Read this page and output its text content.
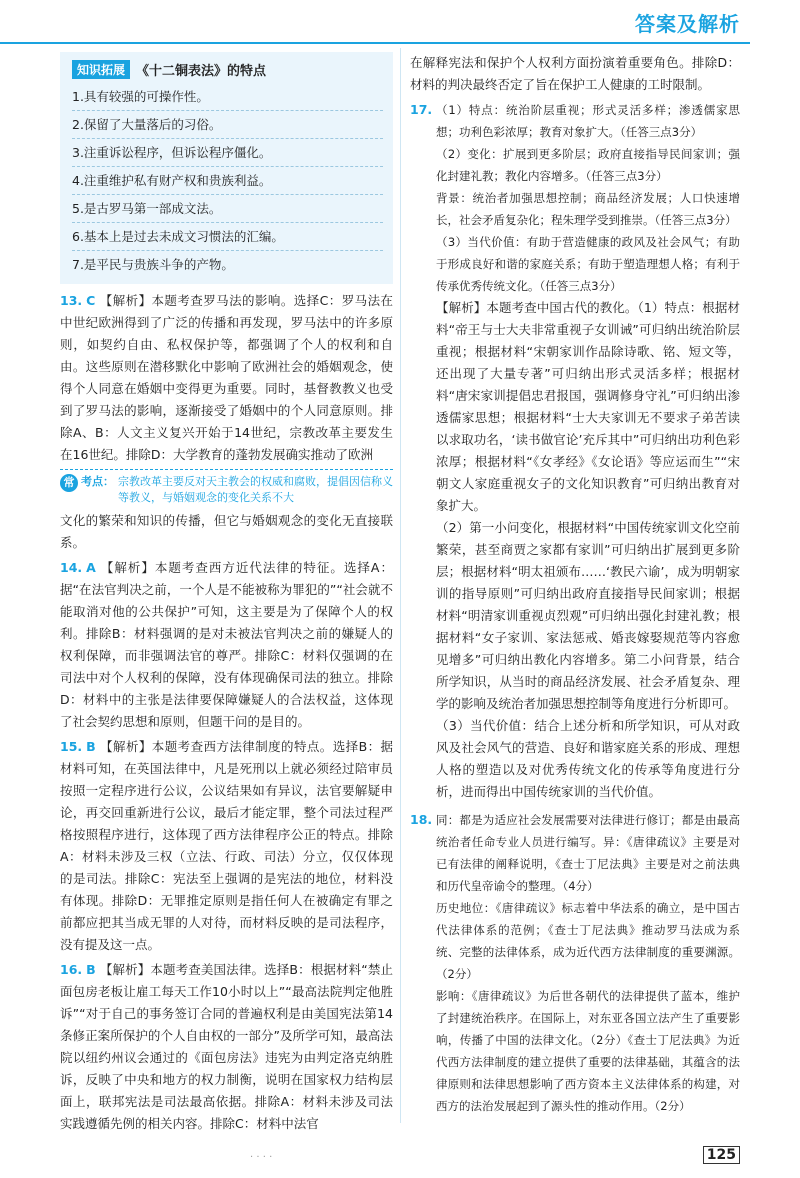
答案及解析
知识拓展 《十二铜表法》的特点
1.具有较强的可操作性。
2.保留了大量落后的习俗。
3.注重诉讼程序，但诉讼程序僵化。
4.注重维护私有财产权和贵族利益。
5.是古罗马第一部成文法。
6.基本上是过去未成文习惯法的汇编。
7.是平民与贵族斗争的产物。
13. C 【解析】本题考查罗马法的影响。选择C：罗马法在中世纪欧洲得到了广泛的传播和再发现，罗马法中的许多原则，如契约自由、私权保护等，都强调了个人的权利和自由。这些原则在潜移默化中影响了欧洲社会的婚姻观念，使得个人同意在婚姻中变得更为重要。同时，基督教教义也受到了罗马法的影响，逐渐接受了婚姻中的个人同意原则。排除A、B：人文主义复兴开始于14世纪，宗教改革主要发生在16世纪。排除D：大学教育的蓬勃发展确实推动了欧洲
常 考点： 宗教改革主要反对天主教会的权威和腐败，提倡因信称义等教义，与婚姻观念的变化关系不大
文化的繁荣和知识的传播，但它与婚姻观念的变化无直接联系。
14. A 【解析】本题考查西方近代法律的特征。选择A：据“在法官判决之前，一个人是不能被称为罪犯的”“社会就不能取消对他的公共保护”可知，这主要是为了保障个人的权利。排除B：材料强调的是对未被法官判决之前的嫌疑人的权利保障，而非强调法官的尊严。排除C：材料仅强调的在司法中对个人权利的保障，没有体现确保司法的独立。排除D：材料中的主张是法律要保障嫌疑人的合法权益，这体现了社会契约思想和原则，但题干问的是目的。
15. B 【解析】本题考查西方法律制度的特点。选择B：据材料可知，在英国法律中，凡是死刑以上就必须经过陪审员按照一定程序进行公议，公议结果如有异议，法官要解疑申论，再交回重新进行公议，最后才能定罪，整个司法过程严格按照程序进行，这体现了西方法律程序公正的特点。排除A：材料未涉及三权（立法、行政、司法）分立，仅仅体现的是司法。排除C：宪法至上强调的是宪法的地位，材料没有体现。排除D：无罪推定原则是指任何人在被确定有罪之前都应把其当成无罪的人对待，而材料反映的是司法程序，没有提及这一点。
16. B 【解析】本题考查美国法律。选择B：根据材料“禁止面包房老板让雇工每天工作10小时以上”“最高法院判定他胜诉”“对于自己的事务签订合同的普遍权利是由美国宪法第14条修正案所保护的个人自由权的一部分”及所学可知，最高法院以纽约州议会通过的《面包房法》违宪为由判定洛克纳胜诉，反映了中央和地方的权力制衡，说明在国家权力结构层面上，联邦宪法是司法最高依据。排除A：材料未涉及司法实践遵循先例的相关内容。排除C：材料中法官
在解释宪法和保护个人权利方面扮演着重要角色。排除D：材料的判决最终否定了旨在保护工人健康的工时限制。
17. （1）特点：统治阶层重视；形式灵活多样；渗透儒家思想；功利色彩浓厚；教育对象扩大。（任答三点3分）
（2）变化：扩展到更多阶层；政府直接指导民间家训；强化封建礼教；教化内容增多。（任答三点3分）
背景：统治者加强思想控制；商品经济发展；人口快速增长，社会矛盾复杂化；程朱理学受到推崇。（任答三点3分）
（3）当代价值：有助于营造健康的政风及社会风气；有助于形成良好和谐的家庭关系；有助于塑造理想人格；有利于传承优秀传统文化。（任答三点3分）
【解析】本题考查中国古代的教化。（1）特点：根据材料“帝王与士大夫非常重视子女训诫”可归纳出统治阶层重视；根据材料“宋朝家训作品除诗歌、铭、短文等，还出现了大量专著”可归纳出形式灵活多样；根据材料“唐宋家训提倡忠君报国，强调修身守礼”可归纳出渗透儒家思想；根据材料“士大夫家训无不要求子弟苦读以求取功名，‘读书做官论’充斥其中”可归纳出功利色彩浓厚；根据材料“《女孝经》《女论语》等应运而生”“宋朝文人家庭重视女子的文化知识教育”可归纳出教育对象扩大。
（2）第一小问变化，根据材料“中国传统家训文化空前繁荣，甚至商贾之家都有家训”可归纳出扩展到更多阶层；根据材料“明太祖颁布……‘教民六谕’，成为明朝家训的指导原则”可归纳出政府直接指导民间家训；根据材料“明清家训重视贞烈观”可归纳出强化封建礼教；根据材料“女子家训、家法惩戒、婚丧嫁娶规范等内容愈见增多”可归纳出教化内容增多。第二小问背景，结合所学知识，从当时的商品经济发展、社会矛盾复杂、理学的影响及统治者加强思想控制等角度进行分析即可。
（3）当代价值：结合上述分析和所学知识，可从对政风及社会风气的营造、良好和谐家庭关系的形成、理想人格的塑造以及对优秀传统文化的传承等角度进行分析，进而得出中国传统家训的当代价值。
18. 同：都是为适应社会发展需要对法律进行修订；都是由最高统治者任命专业人员进行编写。异：《唐律疏议》主要是对已有法律的阐释说明，《查士丁尼法典》主要是对之前法典和历代皇帝谕令的整理。（4分）
历史地位：《唐律疏议》标志着中华法系的确立，是中国古代法律体系的范例；《查士丁尼法典》推动罗马法成为系统、完整的法律体系，成为近代西方法律制度的重要渊源。（2分）
影响：《唐律疏议》为后世各朝代的法律提供了蓝本，维护了封建统治秩序。在国际上，对东亚各国立法产生了重要影响，传播了中国的法律文化。（2分）《查士丁尼法典》为近代西方法律制度的建立提供了重要的法律基础，其蕴含的法律原则和法律思想影响了西方资本主义法律体系的构建，对西方的法治发展起到了源头性的推动作用。（2分）
· · · ·	125
